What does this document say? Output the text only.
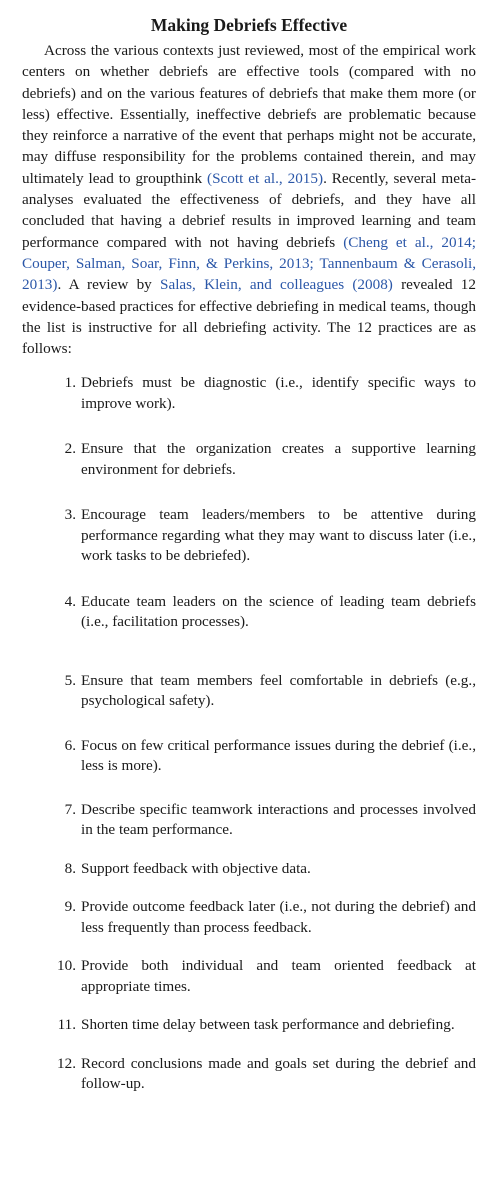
Making Debriefs Effective

Across the various contexts just reviewed, most of the empirical work centers on whether debriefs are effective tools (compared with no debriefs) and on the various features of debriefs that make them more (or less) effective. Essentially, ineffective debriefs are problematic because they reinforce a narrative of the event that perhaps might not be accurate, may diffuse responsibility for the problems contained therein, and may ultimately lead to groupthink (Scott et al., 2015). Recently, several meta-analyses evaluated the effectiveness of debriefs, and they have all concluded that having a debrief results in improved learning and team performance compared with not having debriefs (Cheng et al., 2014; Couper, Salman, Soar, Finn, & Perkins, 2013; Tannenbaum & Cerasoli, 2013). A review by Salas, Klein, and colleagues (2008) revealed 12 evidence-based practices for effective debriefing in medical teams, though the list is instructive for all debriefing activity. The 12 practices are as follows:

1. Debriefs must be diagnostic (i.e., identify specific ways to improve work).
2. Ensure that the organization creates a supportive learning environment for debriefs.
3. Encourage team leaders/members to be attentive during performance regarding what they may want to discuss later (i.e., work tasks to be debriefed).
4. Educate team leaders on the science of leading team debriefs (i.e., facilitation processes).
5. Ensure that team members feel comfortable in debriefs (e.g., psychological safety).
6. Focus on few critical performance issues during the debrief (i.e., less is more).
7. Describe specific teamwork interactions and processes involved in the team performance.
8. Support feedback with objective data.
9. Provide outcome feedback later (i.e., not during the debrief) and less frequently than process feedback.
10. Provide both individual and team oriented feedback at appropriate times.
11. Shorten time delay between task performance and debriefing.
12. Record conclusions made and goals set during the debrief and follow-up.
